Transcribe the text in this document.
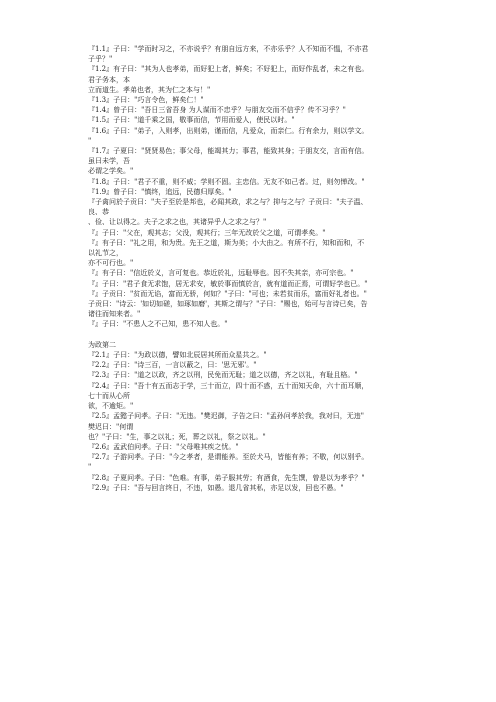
『1.1』子曰："学而时习之，不亦说乎？有朋自远方来，不亦乐乎？人不知而不愠，不亦君
子乎？"
『1.2』有子曰："其为人也孝弟，而好犯上者，鲜矣；不好犯上，而好作乱者，未之有也。
君子务本，本
立而道生。孝弟也者，其为仁之本与！"
『1.3』子曰："巧言令色，鲜矣仁！"
『1.4』曾子曰："吾日三省吾身 为人谋而不忠乎？与朋友交而不信乎？传不习乎？"
『1.5』子曰："道千乘之国，敬事而信，节用而爱人，使民以时。"
『1.6』子曰："弟子，入则孝，出则弟，谨而信，凡爱众，而亲仁。行有余力，则以学文。
"
『1.7』子夏曰："贤贤易色；事父母，能竭其力；事君，能致其身；于朋友交，言而有信。
虽曰未学，吾
必谓之学矣。"
『1.8』子曰："君子不重，则不威；学则不固。主忠信。无友不如己者。过，则勿惮改。"
『1.9』曾子曰："慎终，追远，民德归厚矣。"
『子禽问於子贡曰："夫子至於是邦也，必闻其政，求之与？抑与之与？子贡曰："夫子温、
良、恭
、俭、让以得之。夫子之求之也，其诸异乎人之求之与？"
『』子曰："父在，观其志；父没，观其行；三年无改於父之道，可谓孝矣。"
『』有子曰："礼之用，和为贵。先王之道，斯为美；小大由之。有所不行，知和而和，不
以礼节之，
亦不可行也。"
『』有子曰："信近於义，言可复也。恭近於礼，远耻辱也。因不失其亲，亦可宗也。"
『』子曰："君子食无求饱，居无求安，敏於事而慎於言，就有道而正焉，可谓好学也已。"
『』子贡曰："贫而无谄，富而无骄，何如？"子曰："可也；未若贫而乐，富而好礼者也。"
子贡曰："诗云：'如切如磋，如琢如磨'，其斯之谓与？"子曰："赐也，始可与言诗已矣，告
诸往而知来者。"
『』子曰："不患人之不己知，患不知人也。"
为政第二
『2.1』子曰："为政以德，譬如北辰居其所而众星共之。"
『2.2』子曰："诗三百，一言以蔽之，曰：'思无邪'。"
『2.3』子曰："道之以政，齐之以刑，民免而无耻；道之以德，齐之以礼，有耻且格。"
『2.4』子曰："吾十有五而志于学，三十而立，四十而不惑，五十而知天命，六十而耳顺，
七十而从心所
欲，不逾矩。"
『2.5』孟懿子问孝。子曰："无违。"樊迟御，子告之曰："孟孙问孝於我，我对曰，无违"
樊迟曰："何谓
也？"子曰："生，事之以礼；死，葬之以礼，祭之以礼。"
『2.6』孟武伯问孝。子曰："父母唯其疾之忧。"
『2.7』子游问孝。子曰："今之孝者，是谓能养。至於犬马，皆能有养；不敬，何以别乎。
"
『2.8』子夏问孝。子曰："色难。有事，弟子服其劳；有酒食，先生馔，曾是以为孝乎？"
『2.9』子曰："吾与回言终日，不违，如愚。退几省其私，亦足以发，回也不愚。"
